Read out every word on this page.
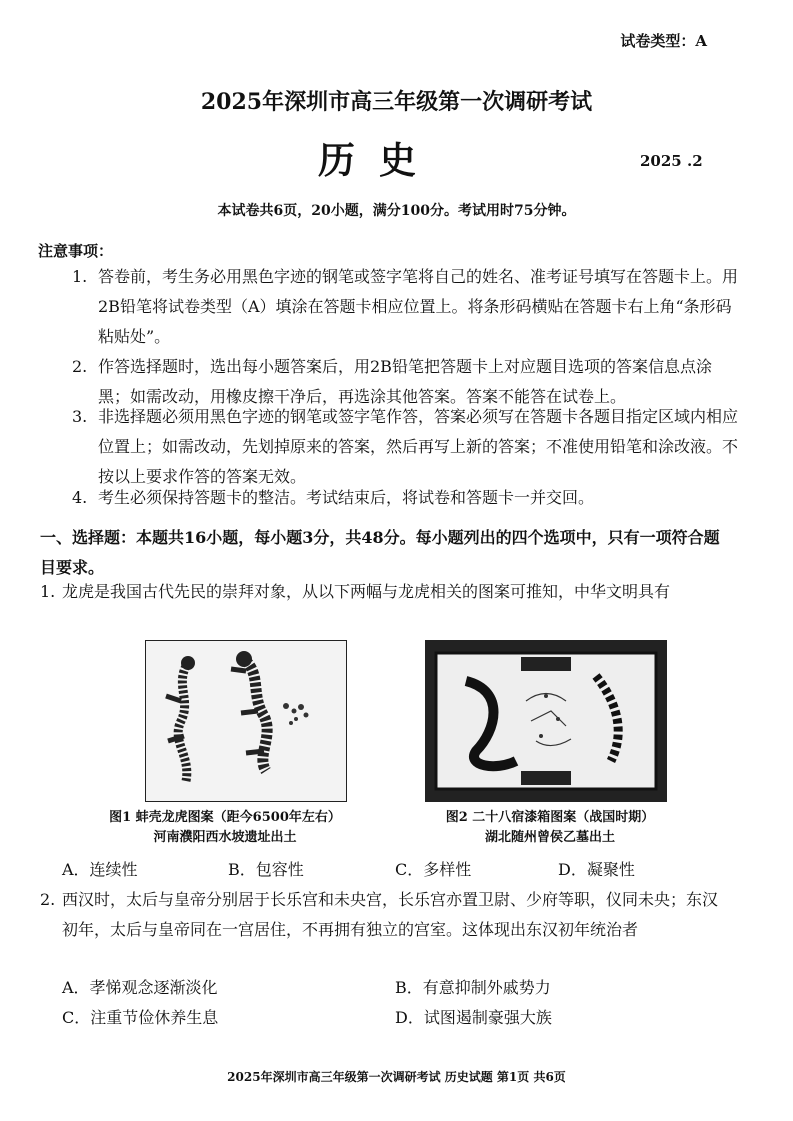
试卷类型：A
2025年深圳市高三年级第一次调研考试
历史	2025 .2
本试卷共6页，20小题，满分100分。考试用时75分钟。
注意事项：
1. 答卷前，考生务必用黑色字迹的钢笔或签字笔将自己的姓名、准考证号填写在答题卡上。用2B铅笔将试卷类型（A）填涂在答题卡相应位置上。将条形码横贴在答题卡右上角“条形码粘贴处”。
2. 作答选择题时，选出每小题答案后，用2B铅笔把答题卡上对应题目选项的答案信息点涂黑；如需改动，用橡皮擦干净后，再选涂其他答案。答案不能答在试卷上。
3. 非选择题必须用黑色字迹的钢笔或签字笔作答，答案必须写在答题卡各题目指定区域内相应位置上；如需改动，先划掉原来的答案，然后再写上新的答案；不准使用铅笔和涂改液。不按以上要求作答的答案无效。
4. 考生必须保持答题卡的整洁。考试结束后，将试卷和答题卡一并交回。
一、选择题：本题共16小题，每小题3分，共48分。每小题列出的四个选项中，只有一项符合题目要求。
1. 龙虎是我国古代先民的崇拜对象，从以下两幅与龙虎相关的图案可推知，中华文明具有
图1 蚌壳龙虎图案（距今6500年左右）
河南濮阳西水坡遗址出土
图2 二十八宿漆箱图案（战国时期）
湖北随州曾侯乙墓出土
A．连续性	B．包容性	C．多样性	D．凝聚性
2. 西汉时，太后与皇帝分别居于长乐宫和未央宫，长乐宫亦置卫尉、少府等职，仪同未央；东汉初年，太后与皇帝同在一宫居住，不再拥有独立的宫室。这体现出东汉初年统治者
A．孝悌观念逐渐淡化	B．有意抑制外戚势力
C．注重节俭休养生息	D．试图遏制豪强大族
2025年深圳市高三年级第一次调研考试 历史试题 第1页 共6页
